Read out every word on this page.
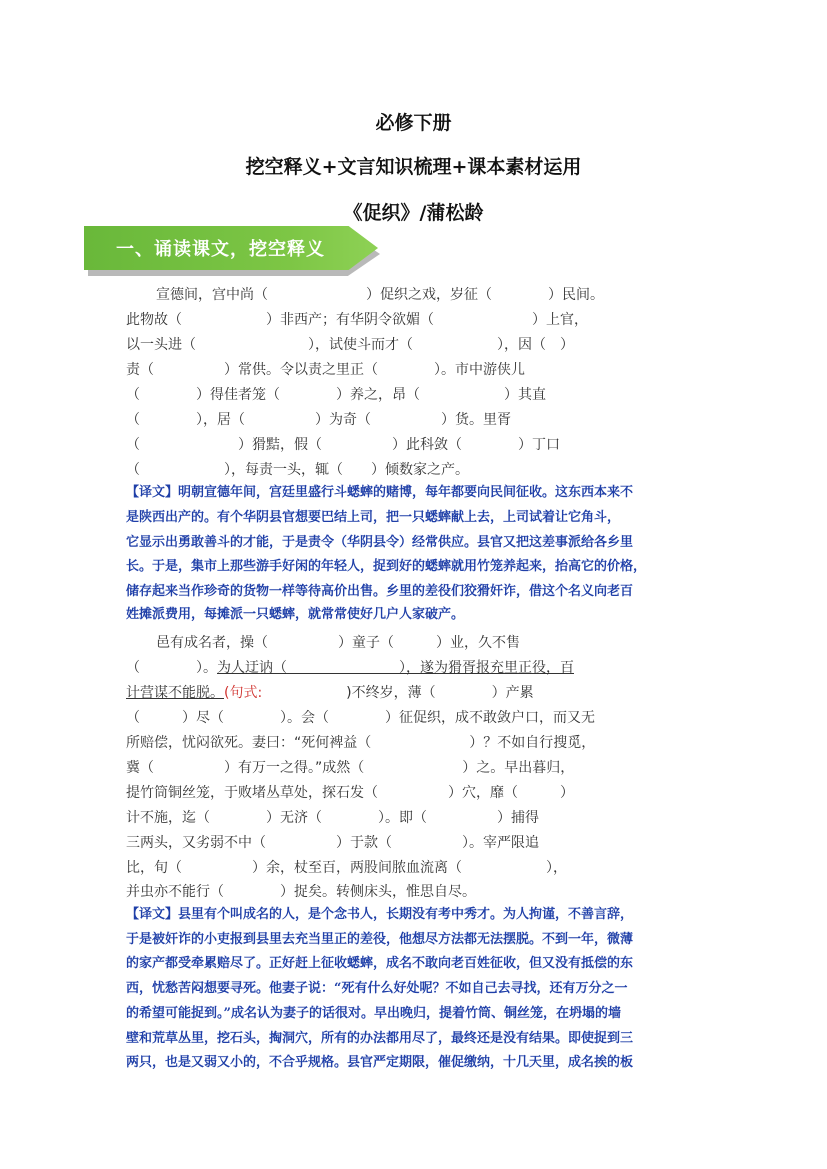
必修下册
挖空释义+文言知识梳理+课本素材运用
《促织》/蒲松龄
一、诵读课文，挖空释义
宣德间，宫中尚（　　　　　　　）促织之戏，岁征（　　　　）民间。
此物故（　　　　　　）非西产；有华阴令欲媚（　　　　　　　）上官，
以一头进（　　　　　　　　），试使斗而才（　　　　　　），因（　）
责（　　　　　）常供。令以责之里正（　　　　）。市中游侠儿
（　　　　）得佳者笼（　　　　）养之，昂（　　　　　　）其直
（　　　　），居（　　　　　）为奇（　　　　　）货。里胥
（　　　　　　　）猾黠，假（　　　　　）此科敛（　　　　）丁口
（　　　　　　），每责一头，辄（　　）倾数家之产。
【译文】明朝宣德年间，宫廷里盛行斗蟋蟀的赌博，每年都要向民间征收。这东西本来不
是陕西出产的。有个华阴县官想要巴结上司，把一只蟋蟀献上去，上司试着让它角斗，
它显示出勇敢善斗的才能，于是责令（华阴县令）经常供应。县官又把这差事派给各乡里
长。于是，集市上那些游手好闲的年轻人，捉到好的蟋蟀就用竹笼养起来，抬高它的价格，
储存起来当作珍奇的货物一样等待高价出售。乡里的差役们狡猾奸诈，借这个名义向老百
姓摊派费用，每摊派一只蟋蟀，就常常使好几户人家破产。
邑有成名者，操（　　　　　）童子（　　　）业，久不售
（　　　　）。为人迂讷（　　　　　　　　），遂为猾胥报充里正役，百
计营谋不能脱。(句式:　　　　　　)不终岁，薄（　　　　）产累
（　　　）尽（　　　　）。会（　　　　）征促织，成不敢敛户口，而又无
所赔偿，忧闷欲死。妻曰：“死何裨益（　　　　　　　）？不如自行搜觅，
冀（　　　　　）有万一之得。”成然（　　　　　　　）之。早出暮归，
提竹筒铜丝笼，于败堵丛草处，探石发（　　　　　）穴，靡（　　　）
计不施，迄（　　　　）无济（　　　　）。即（　　　　　）捕得
三两头，又劣弱不中（　　　　　）于款（　　　　　）。宰严限追
比，旬（　　　　　）余，杖至百，两股间脓血流离（　　　　　　），
并虫亦不能行（　　　　）捉矣。转侧床头，惟思自尽。
【译文】县里有个叫成名的人，是个念书人，长期没有考中秀才。为人拘谨，不善言辞，
于是被奸诈的小吏报到县里去充当里正的差役，他想尽方法都无法摆脱。不到一年，微薄
的家产都受牵累赔尽了。正好赶上征收蟋蟀，成名不敢向老百姓征收，但又没有抵偿的东
西，忧愁苦闷想要寻死。他妻子说：“死有什么好处呢？不如自己去寻找，还有万分之一
的希望可能捉到。”成名认为妻子的话很对。早出晚归，提着竹筒、铜丝笼，在坍塌的墙
壁和荒草丛里，挖石头，掏洞穴，所有的办法都用尽了，最终还是没有结果。即使捉到三
两只，也是又弱又小的，不合乎规格。县官严定期限，催促缴纳，十几天里，成名挨的板
